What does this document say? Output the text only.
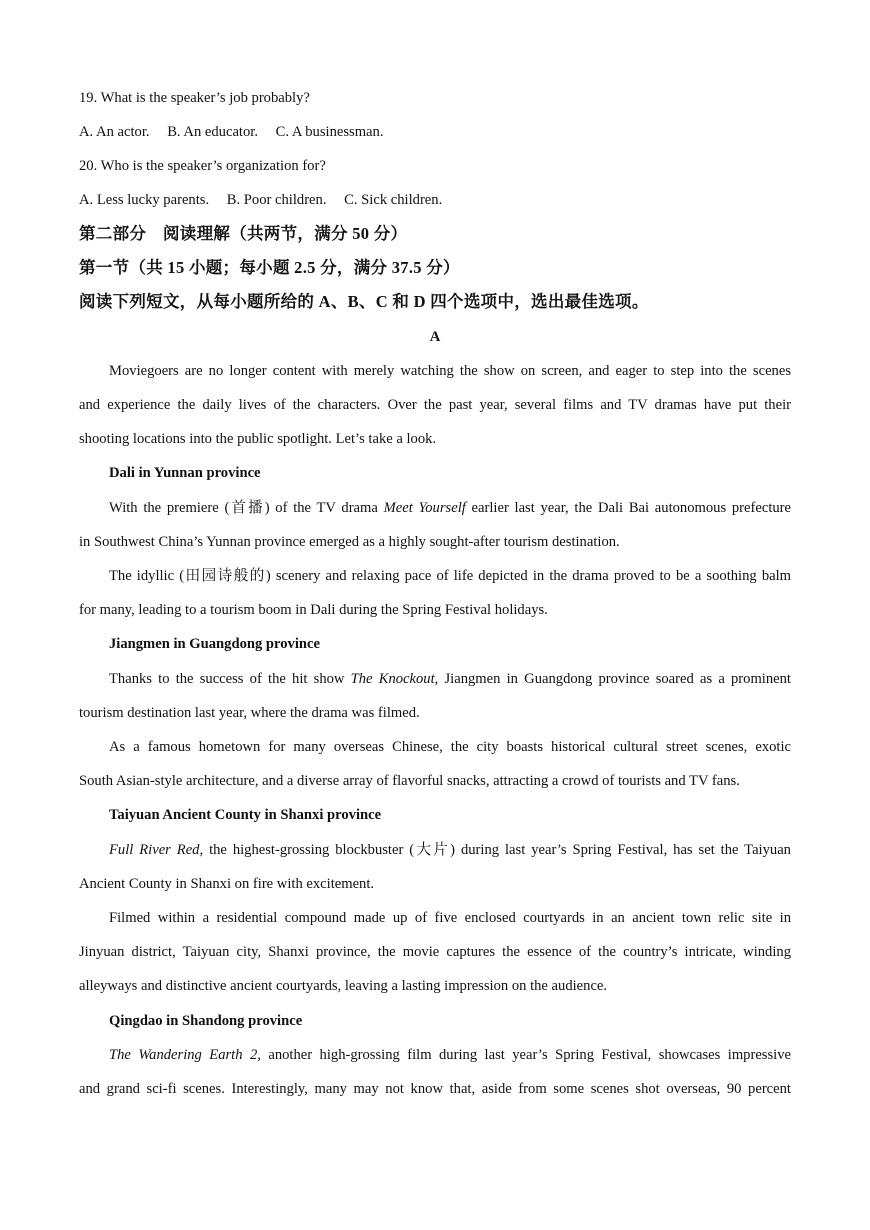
19. What is the speaker’s job probably?
A. An actor. B. An educator. C. A businessman.
20. Who is the speaker’s organization for?
A. Less lucky parents. B. Poor children. C. Sick children.
第二部分　阅读理解（共两节，满分 50 分）
第一节（共 15 小题；每小题 2.5 分，满分 37.5 分）
阅读下列短文，从每小题所给的 A、B、C 和 D 四个选项中，选出最佳选项。
A
Moviegoers are no longer content with merely watching the show on screen, and eager to step into the scenes
and experience the daily lives of the characters. Over the past year, several films and TV dramas have put their
shooting locations into the public spotlight. Let’s take a look.
Dali in Yunnan province
With the premiere (首播) of the TV drama Meet Yourself earlier last year, the Dali Bai autonomous prefecture
in Southwest China’s Yunnan province emerged as a highly sought-after tourism destination.
The idyllic (田园诗般的) scenery and relaxing pace of life depicted in the drama proved to be a soothing balm
for many, leading to a tourism boom in Dali during the Spring Festival holidays.
Jiangmen in Guangdong province
Thanks to the success of the hit show The Knockout, Jiangmen in Guangdong province soared as a prominent
tourism destination last year, where the drama was filmed.
As a famous hometown for many overseas Chinese, the city boasts historical cultural street scenes, exotic
South Asian-style architecture, and a diverse array of flavorful snacks, attracting a crowd of tourists and TV fans.
Taiyuan Ancient County in Shanxi province
Full River Red, the highest-grossing blockbuster (大片) during last year’s Spring Festival, has set the Taiyuan
Ancient County in Shanxi on fire with excitement.
Filmed within a residential compound made up of five enclosed courtyards in an ancient town relic site in
Jinyuan district, Taiyuan city, Shanxi province, the movie captures the essence of the country’s intricate, winding
alleyways and distinctive ancient courtyards, leaving a lasting impression on the audience.
Qingdao in Shandong province
The Wandering Earth 2, another high-grossing film during last year’s Spring Festival, showcases impressive
and grand sci-fi scenes. Interestingly, many may not know that, aside from some scenes shot overseas, 90 percent
